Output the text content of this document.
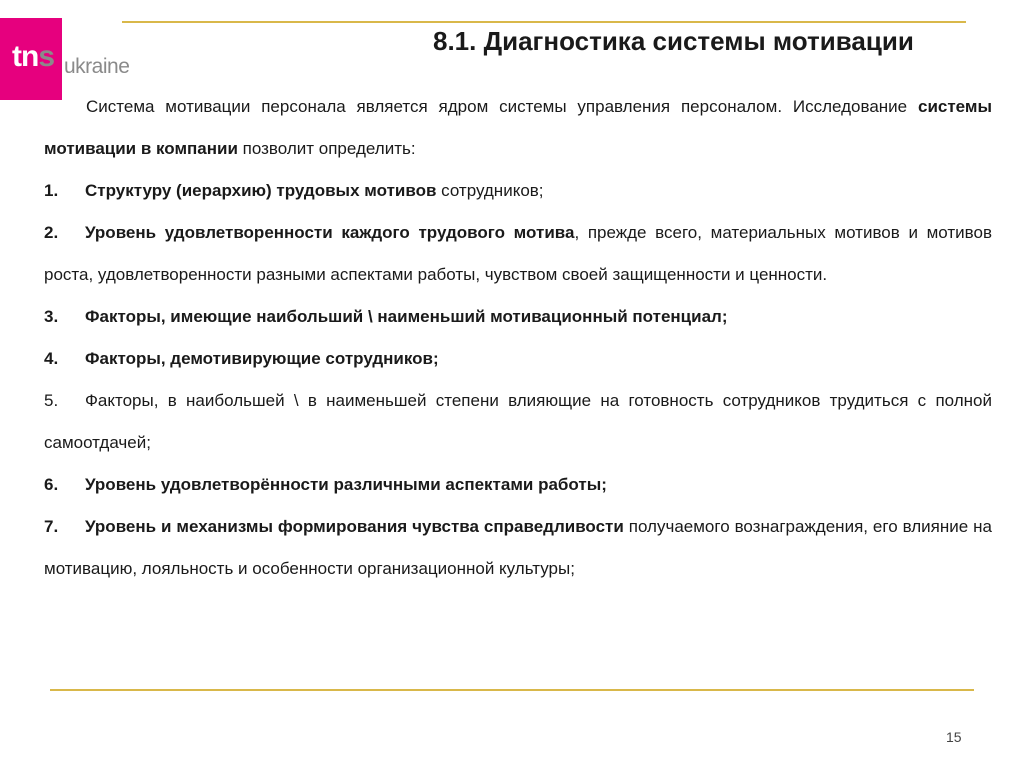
tns ukraine
8.1. Диагностика системы мотивации

Система мотивации персонала является ядром системы управления персоналом. Исследование системы мотивации в компании позволит определить:

1. Структуру (иерархию) трудовых мотивов сотрудников;

2. Уровень удовлетворенности каждого трудового мотива, прежде всего, материальных мотивов и мотивов роста, удовлетворенности разными аспектами работы, чувством своей защищенности и ценности.

3. Факторы, имеющие наибольший \ наименьший мотивационный потенциал;

4. Факторы, демотивирующие сотрудников;

5. Факторы, в наибольшей \ в наименьшей степени влияющие на готовность сотрудников трудиться с полной самоотдачей;

6. Уровень удовлетворённости различными аспектами работы;

7. Уровень и механизмы формирования чувства справедливости получаемого вознаграждения, его влияние на мотивацию, лояльность и особенности организационной культуры;

15
